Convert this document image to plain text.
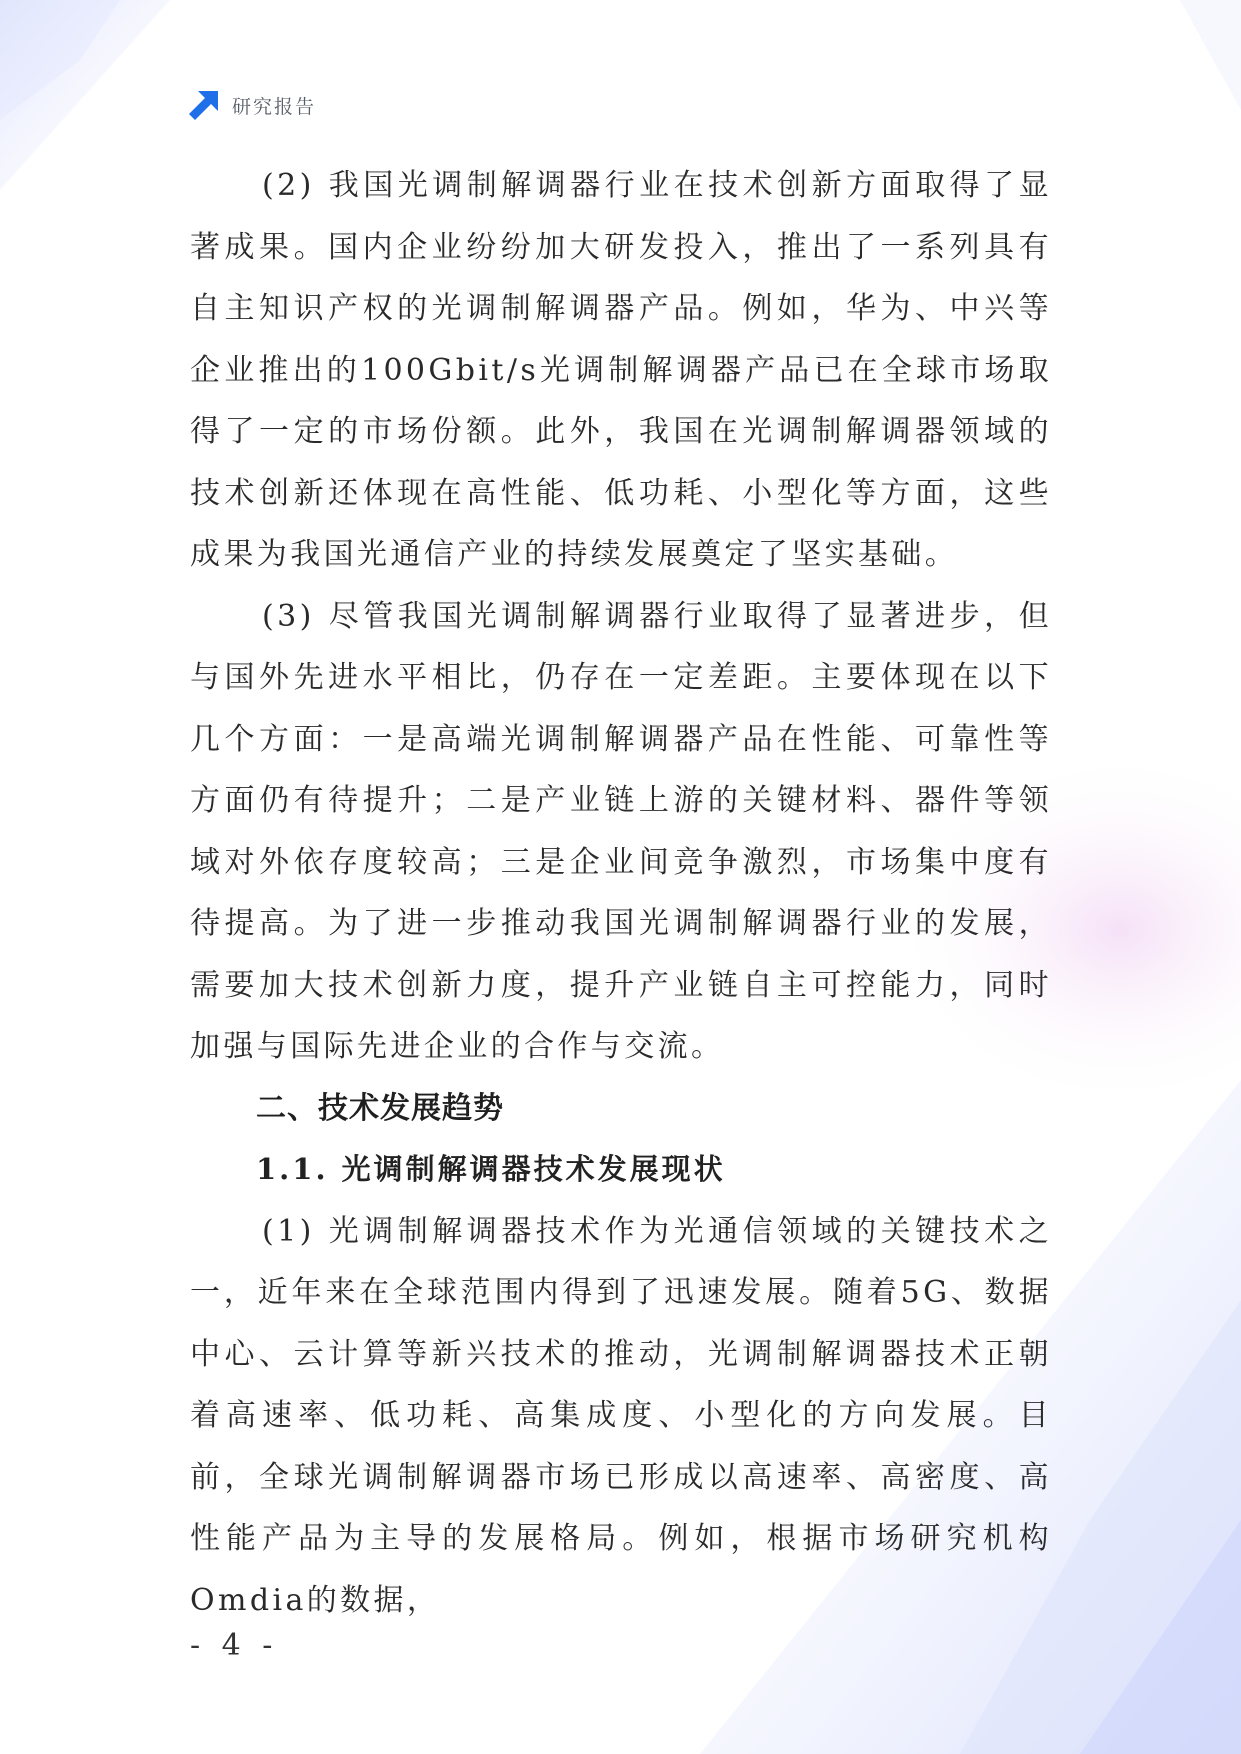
研究报告

(2) 我国光调制解调器行业在技术创新方面取得了显著成果。国内企业纷纷加大研发投入，推出了一系列具有自主知识产权的光调制解调器产品。例如，华为、中兴等企业推出的100Gbit/s光调制解调器产品已在全球市场取得了一定的市场份额。此外，我国在光调制解调器领域的技术创新还体现在高性能、低功耗、小型化等方面，这些成果为我国光通信产业的持续发展奠定了坚实基础。

(3) 尽管我国光调制解调器行业取得了显著进步，但与国外先进水平相比，仍存在一定差距。主要体现在以下几个方面：一是高端光调制解调器产品在性能、可靠性等方面仍有待提升；二是产业链上游的关键材料、器件等领域对外依存度较高；三是企业间竞争激烈，市场集中度有待提高。为了进一步推动我国光调制解调器行业的发展，需要加大技术创新力度，提升产业链自主可控能力，同时加强与国际先进企业的合作与交流。

二、技术发展趋势
1.1. 光调制解调器技术发展现状

(1) 光调制解调器技术作为光通信领域的关键技术之一，近年来在全球范围内得到了迅速发展。随着5G、数据中心、云计算等新兴技术的推动，光调制解调器技术正朝着高速率、低功耗、高集成度、小型化的方向发展。目前，全球光调制解调器市场已形成以高速率、高密度、高性能产品为主导的发展格局。例如，根据市场研究机构Omdia的数据，

- 4 -
